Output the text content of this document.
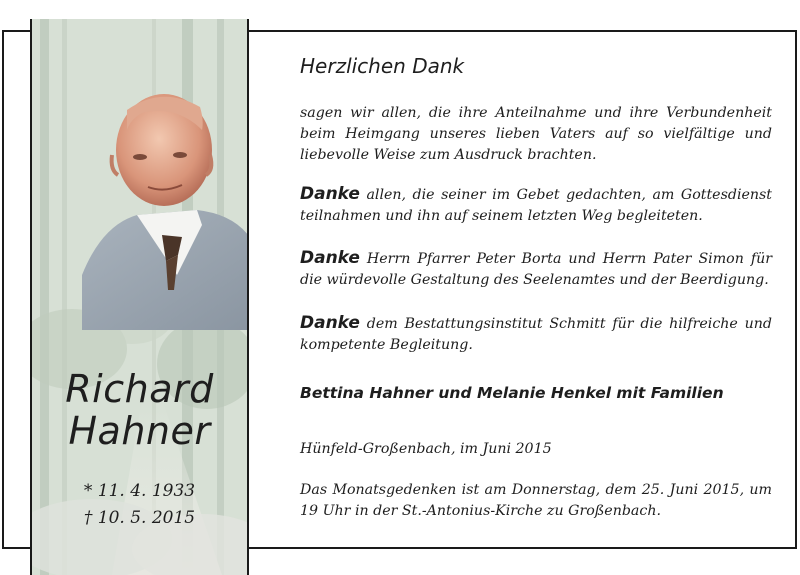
Richard
Hahner
* 11. 4. 1933
† 10. 5. 2015
Herzlichen Dank
sagen wir allen, die ihre Anteilnahme und ihre Verbundenheit beim Heimgang unseres lieben Vaters auf so vielfältige und liebevolle Weise zum Ausdruck brachten.
Danke allen, die seiner im Gebet gedachten, am Gottesdienst teilnahmen und ihn auf seinem letzten Weg begleiteten.
Danke Herrn Pfarrer Peter Borta und Herrn Pater Simon für die würdevolle Gestaltung des Seelenamtes und der Beerdigung.
Danke dem Bestattungsinstitut Schmitt für die hilfreiche und kompetente Begleitung.
Bettina Hahner und Melanie Henkel mit Familien
Hünfeld-Großenbach, im Juni 2015
Das Monatsgedenken ist am Donnerstag, dem 25. Juni 2015, um 19 Uhr in der St.-Antonius-Kirche zu Großenbach.
